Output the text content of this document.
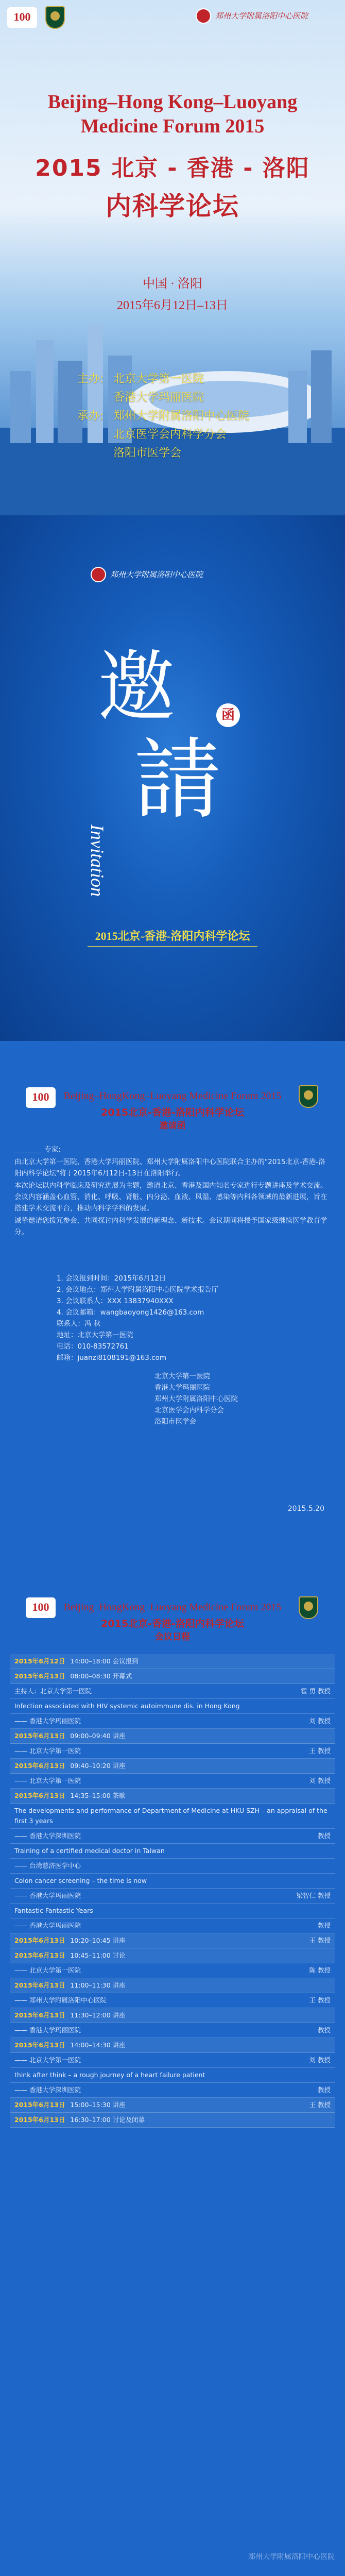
100	郑州大学附属洛阳中心医院
Beijing–Hong Kong–Luoyang
Medicine Forum 2015
2015 北京 - 香港 - 洛阳
内科学论坛
中国 · 洛阳
2015年6月12日–13日
主办: 北京大学第一医院
香港大学玛丽医院
承办: 郑州大学附属洛阳中心医院
北京医学会内科学分会
洛阳市医学会
郑州大学附属洛阳中心医院
邀	函
請
Invitation
2015北京-香港-洛阳内科学论坛
100	Beijing–HongKong–Luoyang Medicine Forum 2015
2015北京-香港-洛阳内科学论坛
邀请函

________ 专家:

由北京大学第一医院、香港大学玛丽医院、郑州大学附属洛阳中心医院联合主办的"2015北京-香港-洛阳内科学论坛"将于2015年6月12日-13日在洛阳举行。

本次论坛以内科学临床及研究进展为主题，邀请北京、香港及国内知名专家进行专题讲座及学术交流。会议内容涵盖心血管、消化、呼吸、肾脏、内分泌、血液、风湿、感染等内科各领域的最新进展，旨在搭建学术交流平台，推动内科学学科的发展。

诚挚邀请您拨冗参会，共同探讨内科学发展的新理念、新技术。会议期间将授予国家级继续医学教育学分。

1. 会议报到时间：2015年6月12日
2. 会议地点：郑州大学附属洛阳中心医院学术报告厅
3. 会议联系人：XXX 13837940XXX
4. 会议邮箱：wangbaoyong1426@163.com
联系人：冯 秋
地址：北京大学第一医院
电话：010-83572761
邮箱：juanzi8108191@163.com
北京大学第一医院
香港大学玛丽医院
郑州大学附属洛阳中心医院
北京医学会内科学分会
洛阳市医学会
2015.5.20
100	Beijing–HongKong–Luoyang Medicine Forum 2015
2015北京-香港-洛阳内科学论坛
会议日程
2015年6月12日 14:00–18:00 会议报到
2015年6月13日 08:00–08:30 开幕式
主持人：北京大学第一医院	霍 勇 教授
Infection associated with HIV systemic autoimmune dis. in Hong Kong
—— 香港大学玛丽医院	刘 教授
2015年6月13日 09:00–09:40 讲座
—— 北京大学第一医院	王 教授
2015年6月13日 09:40–10:20 讲座
—— 北京大学第一医院	刘 教授
2015年6月13日 14:35–15:00 茶歇
The developments and performance of Department of Medicine at HKU SZH – an appraisal of the first 3 years
—— 香港大学深圳医院	教授
Training of a certified medical doctor in Taiwan
—— 台湾慈济医学中心
Colon cancer screening – the time is now
—— 香港大学玛丽医院	梁智仁 教授
Fantastic Fantastic Years
—— 香港大学玛丽医院	教授
2015年6月13日 10:20–10:45 讲座	王 教授
2015年6月13日 10:45–11:00 讨论
—— 北京大学第一医院	陈 教授
2015年6月13日 11:00–11:30 讲座
—— 郑州大学附属洛阳中心医院	王 教授
2015年6月13日 11:30–12:00 讲座
—— 香港大学玛丽医院	教授
2015年6月13日 14:00–14:30 讲座
—— 北京大学第一医院	刘 教授
think after think – a rough journey of a heart failure patient
—— 香港大学深圳医院	教授
2015年6月13日 15:00–15:30 讲座	王 教授
2015年6月13日 16:30–17:00 讨论及闭幕
郑州大学附属洛阳中心医院
